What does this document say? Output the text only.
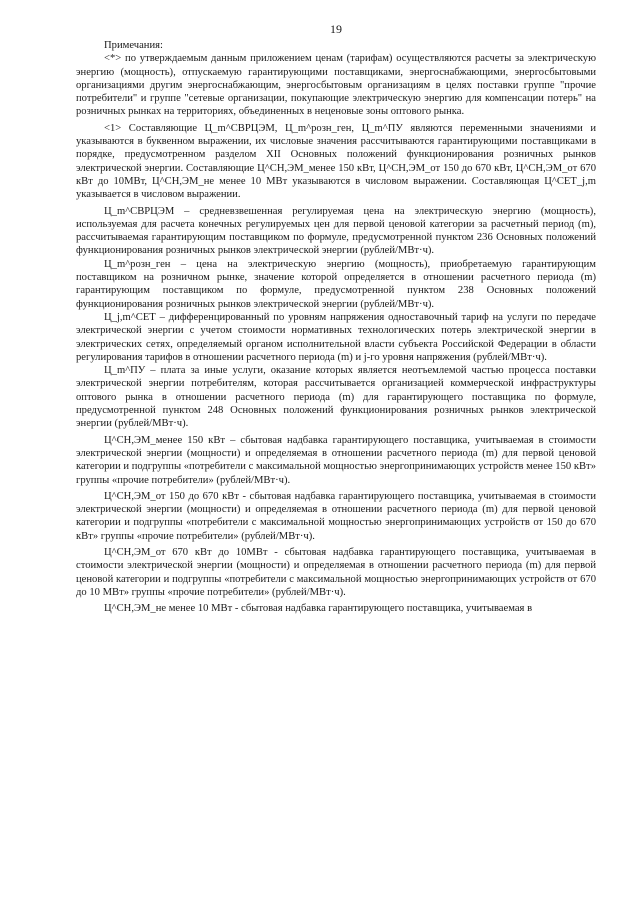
19

Примечания:

<*> по утверждаемым данным приложением ценам (тарифам) осуществляются расчеты за электрическую энергию (мощность), отпускаемую гарантирующими поставщиками, энергоснабжающими, энергосбытовыми организациями другим энергоснабжающим, энергосбытовым организациям в целях поставки группе "прочие потребители" и группе "сетевые организации, покупающие электрическую энергию для компенсации потерь" на розничных рынках на территориях, объединенных в неценовые зоны оптового рынка.

<1> Составляющие Ц_m^СВРЦЭМ, Ц_m^розн_ген, Ц_m^ПУ являются переменными значениями и указываются в буквенном выражении, их числовые значения рассчитываются гарантирующими поставщиками в порядке, предусмотренном разделом XII Основных положений функционирования розничных рынков электрической энергии. Составляющие Ц^СН,ЭМ_менее 150 кВт, Ц^СН,ЭМ_от 150 до 670 кВт, Ц^СН,ЭМ_от 670 кВт до 10МВт, Ц^СН,ЭМ_не менее 10 МВт указываются в числовом выражении. Составляющая Ц^СЕТ_j,m указывается в числовом выражении.

Ц_m^СВРЦЭМ – средневзвешенная регулируемая цена на электрическую энергию (мощность), используемая для расчета конечных регулируемых цен для первой ценовой категории за расчетный период (m), рассчитываемая гарантирующим поставщиком по формуле, предусмотренной пунктом 236 Основных положений функционирования розничных рынков электрической энергии (рублей/МВт·ч).

Ц_m^розн_ген – цена на электрическую энергию (мощность), приобретаемую гарантирующим поставщиком на розничном рынке, значение которой определяется в отношении расчетного периода (m) гарантирующим поставщиком по формуле, предусмотренной пунктом 238 Основных положений функционирования розничных рынков электрической энергии (рублей/МВт·ч).

Ц_j,m^СЕТ – дифференцированный по уровням напряжения одноставочный тариф на услуги по передаче электрической энергии с учетом стоимости нормативных технологических потерь электрической энергии в электрических сетях, определяемый органом исполнительной власти субъекта Российской Федерации в области регулирования тарифов в отношении расчетного периода (m) и j-го уровня напряжения (рублей/МВт·ч).

Ц_m^ПУ – плата за иные услуги, оказание которых является неотъемлемой частью процесса поставки электрической энергии потребителям, которая рассчитывается организацией коммерческой инфраструктуры оптового рынка в отношении расчетного периода (m) для гарантирующего поставщика по формуле, предусмотренной пунктом 248 Основных положений функционирования розничных рынков электрической энергии (рублей/МВт·ч).

Ц^СН,ЭМ_менее 150 кВт – сбытовая надбавка гарантирующего поставщика, учитываемая в стоимости электрической энергии (мощности) и определяемая в отношении расчетного периода (m) для первой ценовой категории и подгруппы «потребители с максимальной мощностью энергопринимающих устройств менее 150 кВт» группы «прочие потребители» (рублей/МВт·ч).

Ц^СН,ЭМ_от 150 до 670 кВт - сбытовая надбавка гарантирующего поставщика, учитываемая в стоимости электрической энергии (мощности) и определяемая в отношении расчетного периода (m) для первой ценовой категории и подгруппы «потребители с максимальной мощностью энергопринимающих устройств от 150 до 670 кВт» группы «прочие потребители» (рублей/МВт·ч).

Ц^СН,ЭМ_от 670 кВт до 10МВт - сбытовая надбавка гарантирующего поставщика, учитываемая в стоимости электрической энергии (мощности) и определяемая в отношении расчетного периода (m) для первой ценовой категории и подгруппы «потребители с максимальной мощностью энергопринимающих устройств от 670 до 10 МВт» группы «прочие потребители» (рублей/МВт·ч).

Ц^СН,ЭМ_не менее 10 МВт - сбытовая надбавка гарантирующего поставщика, учитываемая в
